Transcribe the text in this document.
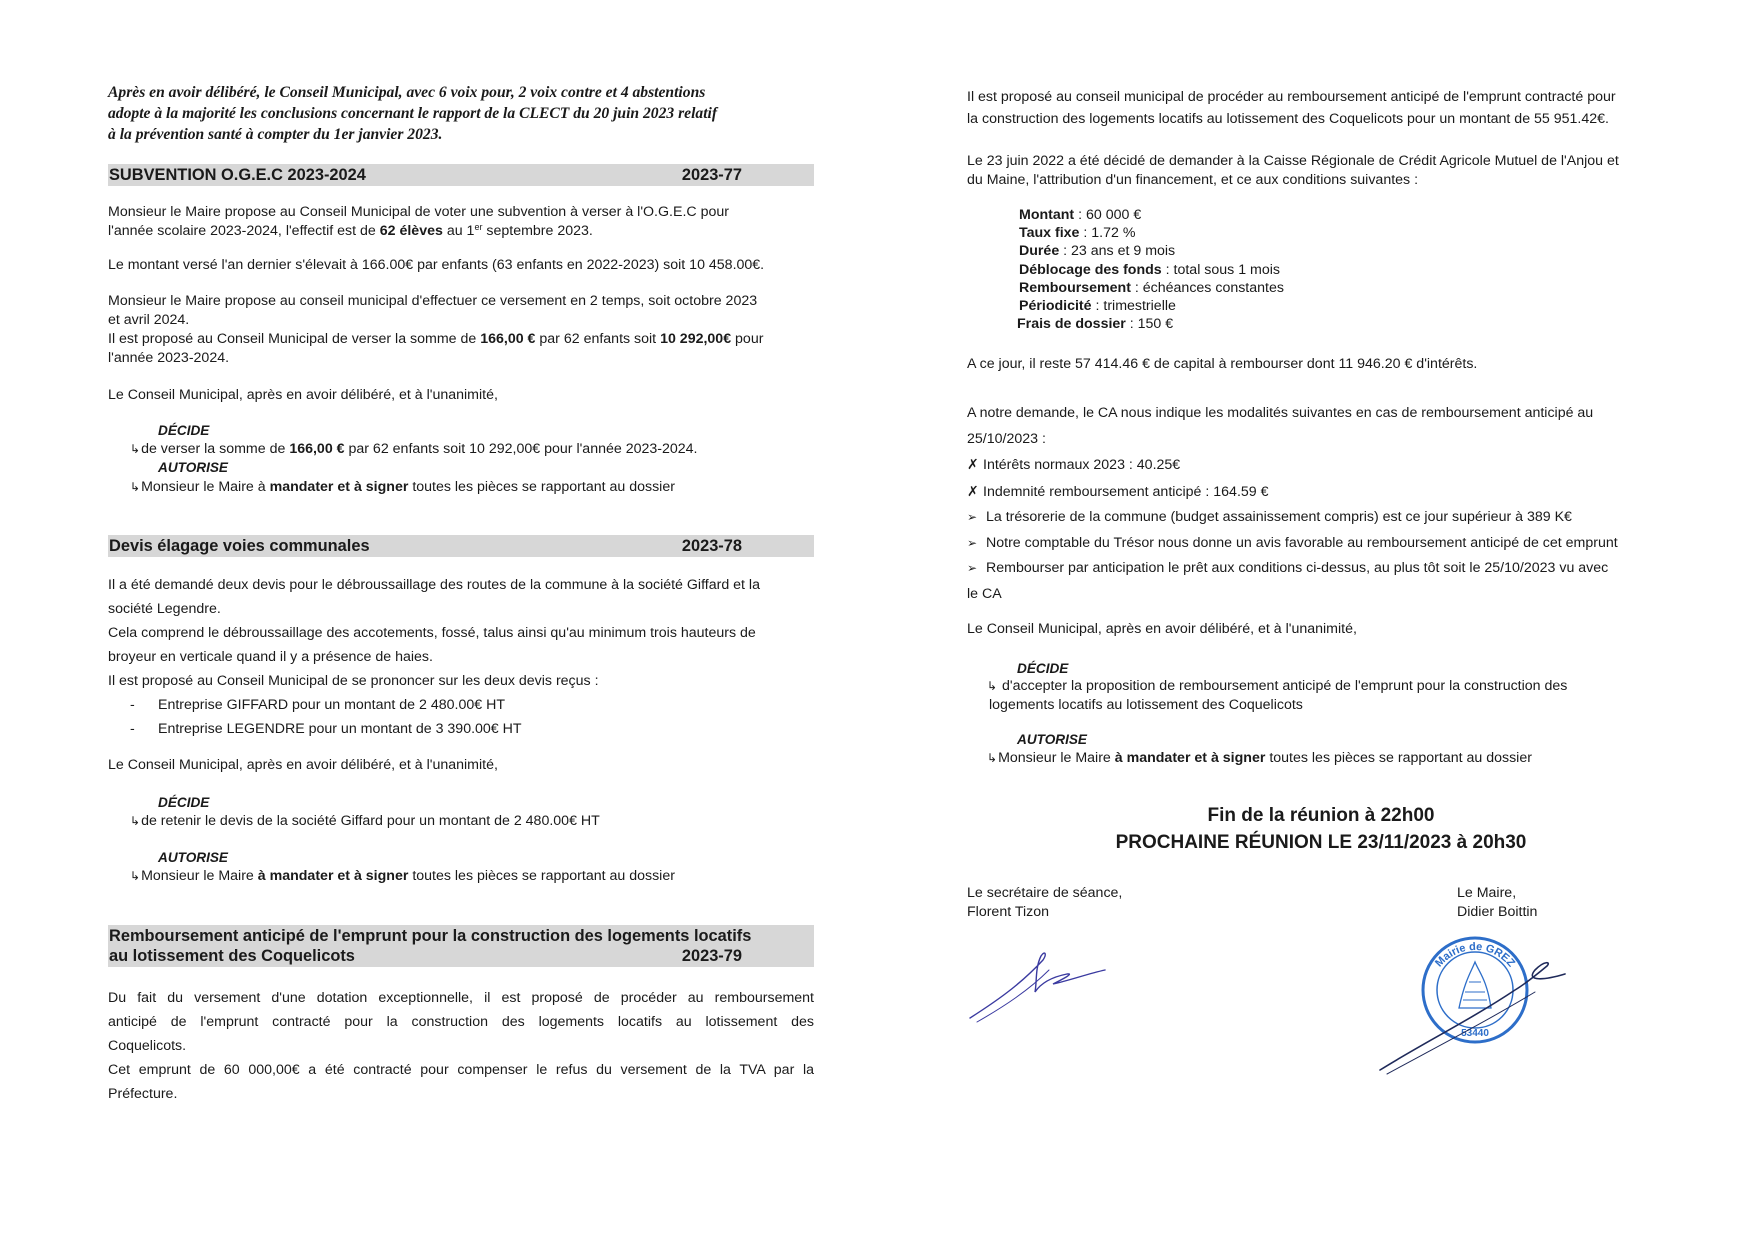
Après en avoir délibéré, le Conseil Municipal, avec 6 voix pour, 2 voix contre et 4 abstentions
adopte à la majorité les conclusions concernant le rapport de la CLECT du 20 juin 2023 relatif
à la prévention santé à compter du 1er janvier 2023.
SUBVENTION O.G.E.C 2023-2024	2023-77
Monsieur le Maire propose au Conseil Municipal de voter une subvention à verser à l'O.G.E.C pour
l'année scolaire 2023-2024, l'effectif est de 62 élèves au 1er septembre 2023.
Le montant versé l'an dernier s'élevait à 166.00€ par enfants (63 enfants en 2022-2023) soit 10 458.00€.
Monsieur le Maire propose au conseil municipal d'effectuer ce versement en 2 temps, soit octobre 2023
et avril 2024.
Il est proposé au Conseil Municipal de verser la somme de 166,00 € par 62 enfants soit 10 292,00€ pour
l'année 2023-2024.
Le Conseil Municipal, après en avoir délibéré, et à l'unanimité,
DÉCIDE
↳de verser la somme de 166,00 € par 62 enfants soit 10 292,00€ pour l'année 2023-2024.
AUTORISE
↳Monsieur le Maire à mandater et à signer toutes les pièces se rapportant au dossier
Devis élagage voies communales	2023-78
Il a été demandé deux devis pour le débroussaillage des routes de la commune à la société Giffard et la
société Legendre.
Cela comprend le débroussaillage des accotements, fossé, talus ainsi qu'au minimum trois hauteurs de
broyeur en verticale quand il y a présence de haies.
Il est proposé au Conseil Municipal de se prononcer sur les deux devis reçus :
- Entreprise GIFFARD pour un montant de 2 480.00€ HT
- Entreprise LEGENDRE pour un montant de 3 390.00€ HT
Le Conseil Municipal, après en avoir délibéré, et à l'unanimité,
DÉCIDE
↳de retenir le devis de la société Giffard pour un montant de 2 480.00€ HT
AUTORISE
↳Monsieur le Maire à mandater et à signer toutes les pièces se rapportant au dossier
Remboursement anticipé de l'emprunt pour la construction des logements locatifs
au lotissement des Coquelicots	2023-79
Du fait du versement d'une dotation exceptionnelle, il est proposé de procéder au remboursement
anticipé de l'emprunt contracté pour la construction des logements locatifs au lotissement des
Coquelicots.
Cet emprunt de 60 000,00€ a été contracté pour compenser le refus du versement de la TVA par la
Préfecture.
Il est proposé au conseil municipal de procéder au remboursement anticipé de l'emprunt contracté pour
la construction des logements locatifs au lotissement des Coquelicots pour un montant de 55 951.42€.
Le 23 juin 2022 a été décidé de demander à la Caisse Régionale de Crédit Agricole Mutuel de l'Anjou et
du Maine, l'attribution d'un financement, et ce aux conditions suivantes :
Montant : 60 000 €
Taux fixe : 1.72 %
Durée : 23 ans et 9 mois
Déblocage des fonds : total sous 1 mois
Remboursement : échéances constantes
Périodicité : trimestrielle
Frais de dossier : 150 €
A ce jour, il reste 57 414.46 € de capital à rembourser dont 11 946.20 € d'intérêts.
A notre demande, le CA nous indique les modalités suivantes en cas de remboursement anticipé au
25/10/2023 :
✗ Intérêts normaux 2023 : 40.25€
✗ Indemnité remboursement anticipé : 164.59 €
➢ La trésorerie de la commune (budget assainissement compris) est ce jour supérieur à 389 K€
➢ Notre comptable du Trésor nous donne un avis favorable au remboursement anticipé de cet emprunt
➢ Rembourser par anticipation le prêt aux conditions ci-dessus, au plus tôt soit le 25/10/2023 vu avec
le CA
Le Conseil Municipal, après en avoir délibéré, et à l'unanimité,
DÉCIDE
↳ d'accepter la proposition de remboursement anticipé de l'emprunt pour la construction des
logements locatifs au lotissement des Coquelicots
AUTORISE
↳Monsieur le Maire à mandater et à signer toutes les pièces se rapportant au dossier
Fin de la réunion à 22h00
PROCHAINE RÉUNION LE 23/11/2023 à 20h30
Le secrétaire de séance,
Florent Tizon
Le Maire,
Didier Boittin
Mairie de GREZ
53440
